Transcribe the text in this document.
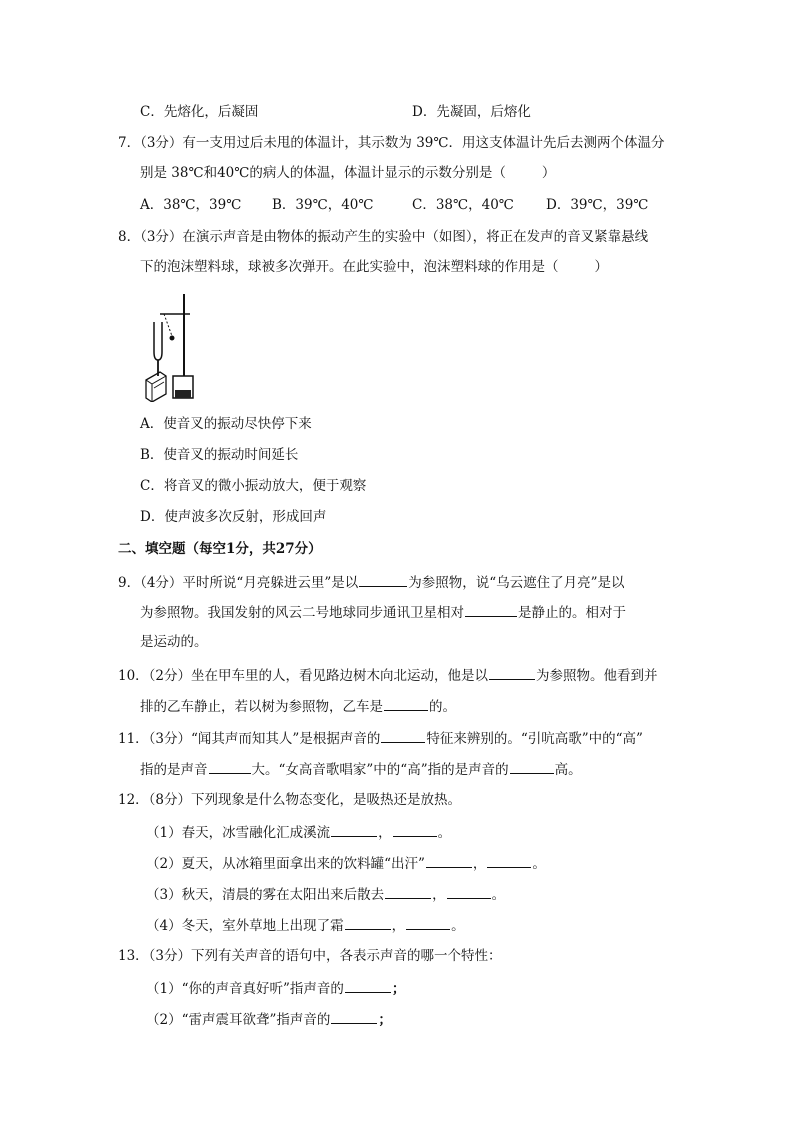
C．先熔化，后凝固	D．先凝固，后熔化
7．（3分）有一支用过后未甩的体温计，其示数为 39℃．用这支体温计先后去测两个体温分
别是 38℃和40℃的病人的体温，体温计显示的示数分别是（	）
A．38℃，39℃ B．39℃，40℃	C．38℃，40℃ D．39℃，39℃
8．（3分）在演示声音是由物体的振动产生的实验中（如图），将正在发声的音叉紧靠悬线
下的泡沫塑料球，球被多次弹开。在此实验中，泡沫塑料球的作用是（	）
A．使音叉的振动尽快停下来
B．使音叉的振动时间延长
C．将音叉的微小振动放大，便于观察
D．使声波多次反射，形成回声
二、填空题（每空1分，共27分）
9．（4分）平时所说“月亮躲进云里”是以	为参照物，说“乌云遮住了月亮”是以
为参照物。我国发射的风云二号地球同步通讯卫星相对	是静止的。相对于
是运动的。
10．（2分）坐在甲车里的人，看见路边树木向北运动，他是以	为参照物。他看到并
排的乙车静止，若以树为参照物，乙车是	的。
11．（3分）“闻其声而知其人”是根据声音的	特征来辨别的。“引吭高歌”中的“高”
指的是声音	大。“女高音歌唱家”中的“高”指的是声音的	高。
12．（8分）下列现象是什么物态变化，是吸热还是放热。
（1）春天，冰雪融化汇成溪流	，	。
（2）夏天，从冰箱里面拿出来的饮料罐“出汗”	，	。
（3）秋天，清晨的雾在太阳出来后散去	，	。
（4）冬天，室外草地上出现了霜	，	。
13．（3分）下列有关声音的语句中，各表示声音的哪一个特性：
（1）“你的声音真好听”指声音的	；
（2）“雷声震耳欲聋”指声音的	；
